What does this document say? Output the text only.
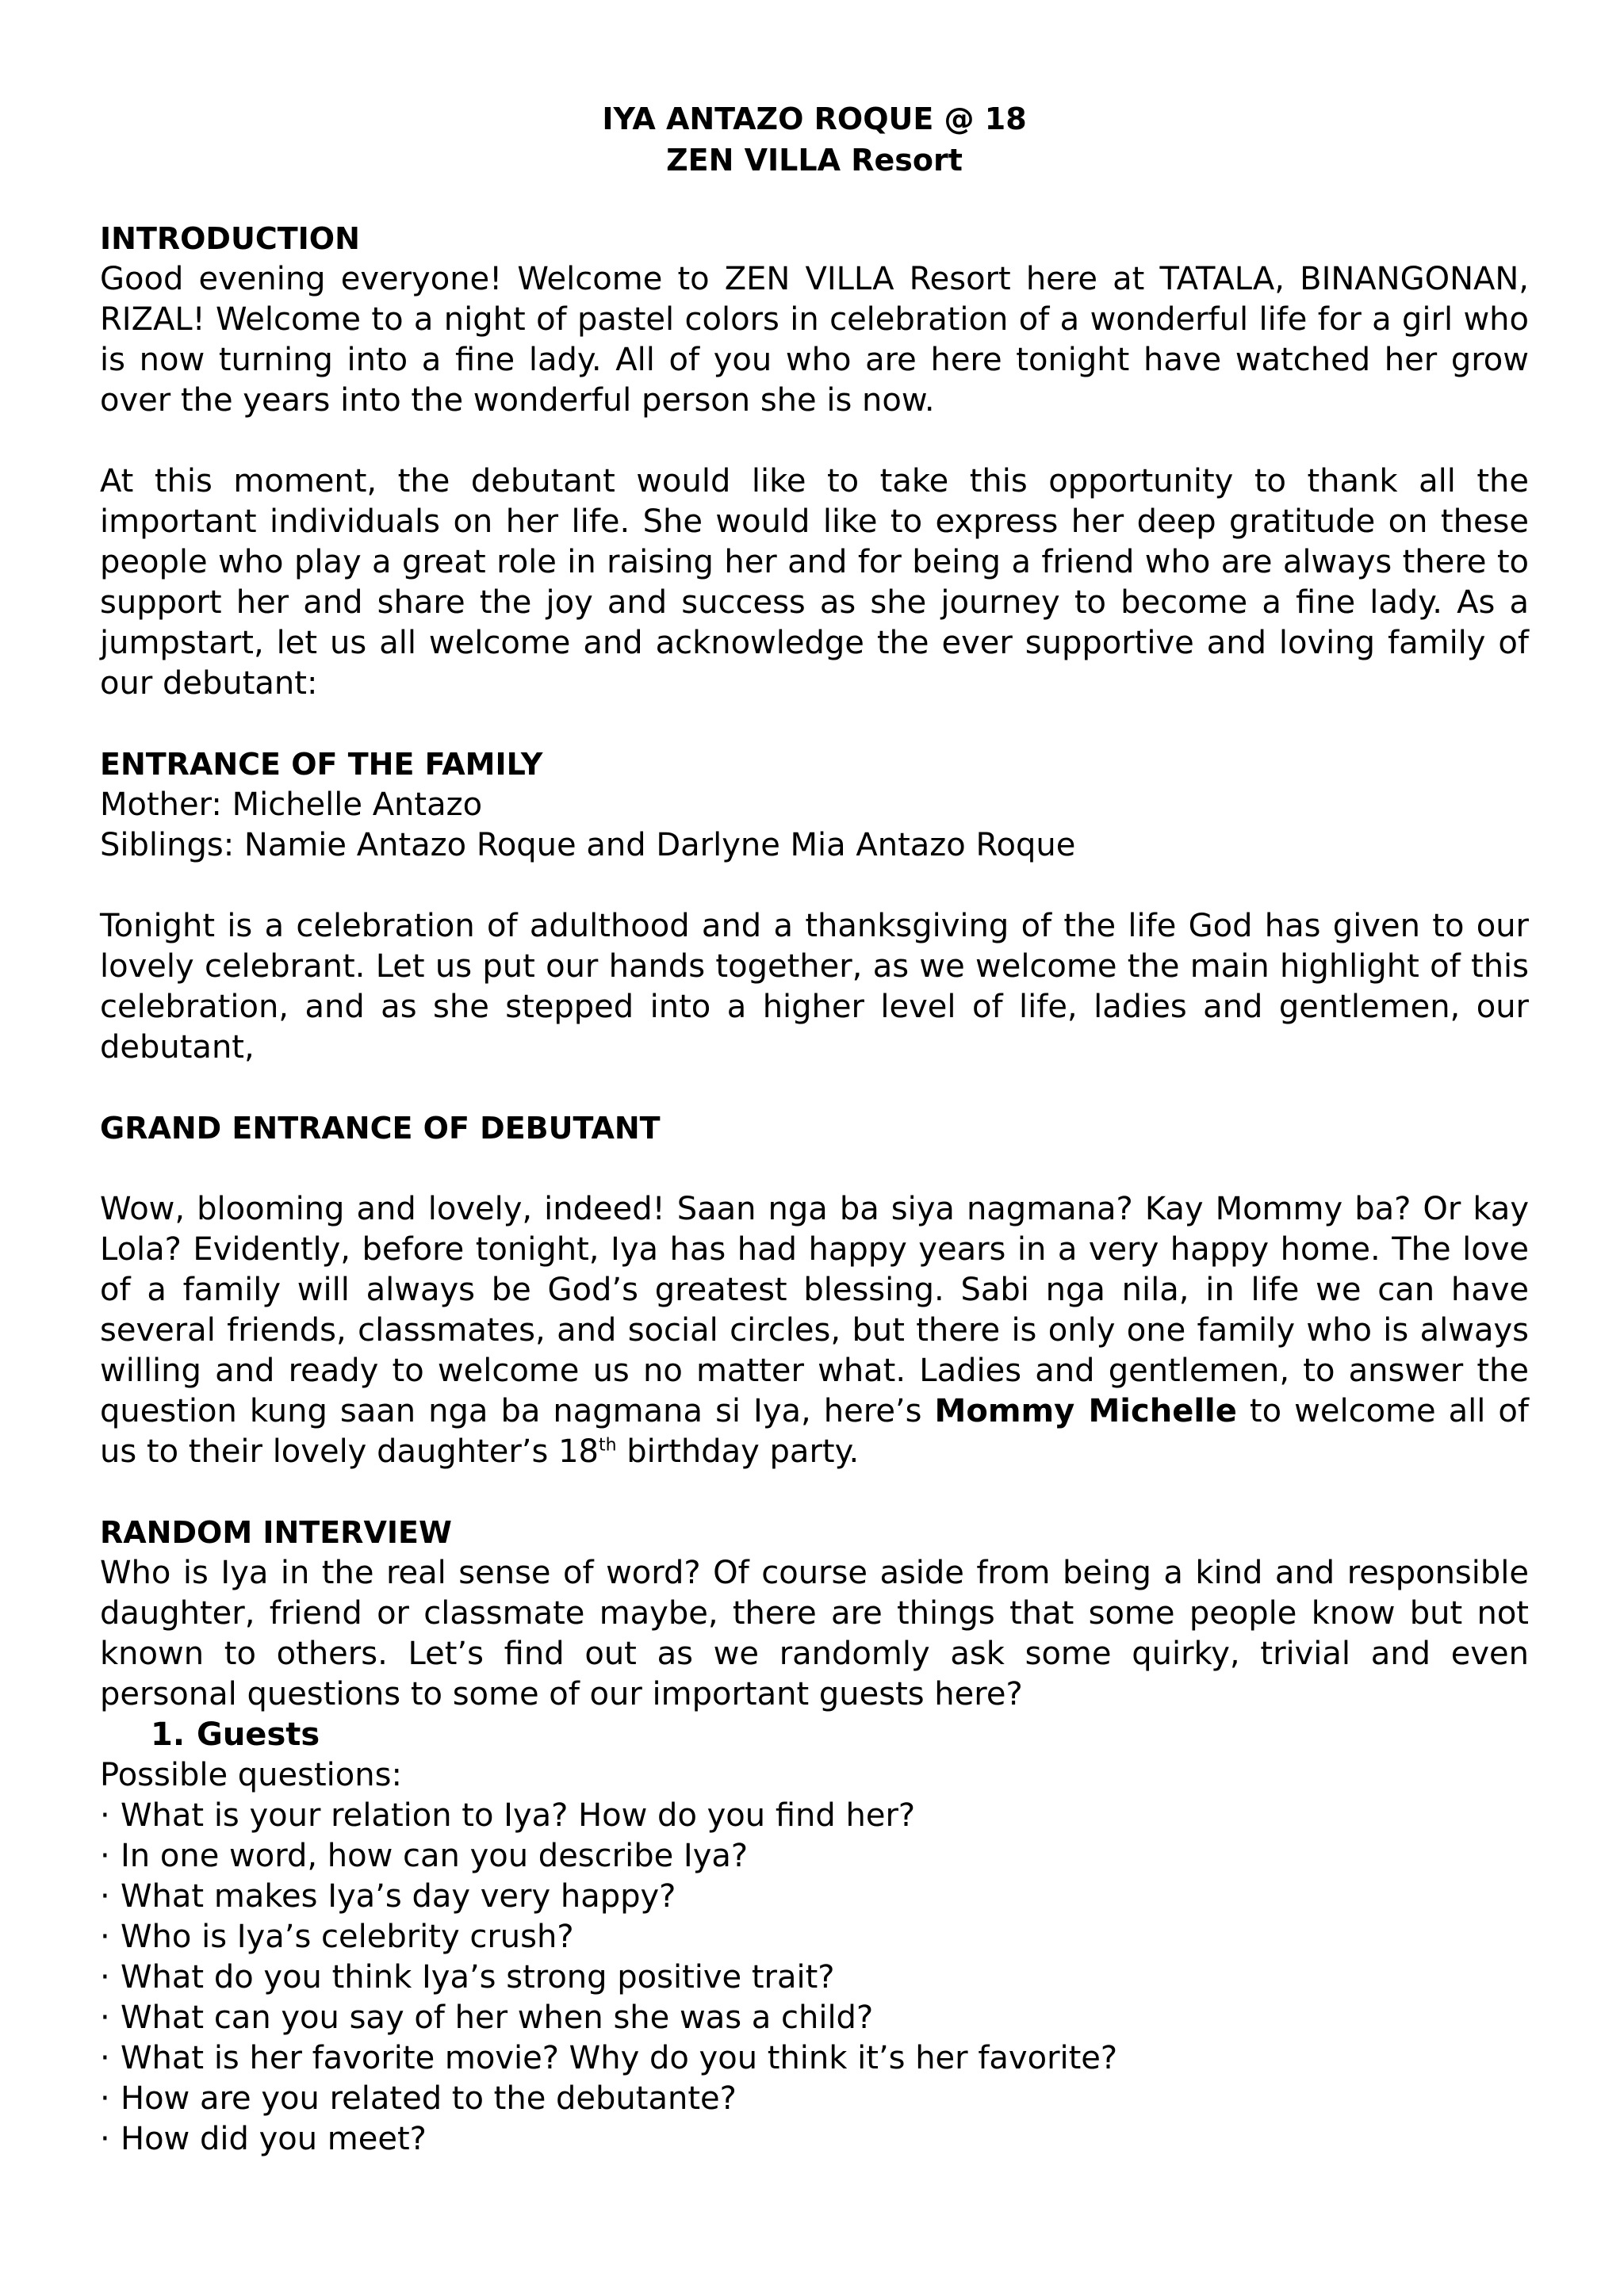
IYA ANTAZO ROQUE @ 18

ZEN VILLA Resort

INTRODUCTION

Good evening everyone! Welcome to ZEN VILLA Resort here at TATALA, BINANGONAN, RIZAL! Welcome to a night of pastel colors in celebration of a wonderful life for a girl who is now turning into a fine lady. All of you who are here tonight have watched her grow over the years into the wonderful person she is now.

At this moment, the debutant would like to take this opportunity to thank all the important individuals on her life. She would like to express her deep gratitude on these people who play a great role in raising her and for being a friend who are always there to support her and share the joy and success as she journey to become a fine lady. As a jumpstart, let us all welcome and acknowledge the ever supportive and loving family of our debutant:

ENTRANCE OF THE FAMILY

Mother: Michelle Antazo

Siblings: Namie Antazo Roque and Darlyne Mia Antazo Roque

Tonight is a celebration of adulthood and a thanksgiving of the life God has given to our lovely celebrant. Let us put our hands together, as we welcome the main highlight of this celebration, and as she stepped into a higher level of life, ladies and gentlemen, our debutant,

GRAND ENTRANCE OF DEBUTANT

Wow, blooming and lovely, indeed! Saan nga ba siya nagmana? Kay Mommy ba? Or kay Lola? Evidently, before tonight, Iya has had happy years in a very happy home. The love of a family will always be God’s greatest blessing. Sabi nga nila, in life we can have several friends, classmates, and social circles, but there is only one family who is always willing and ready to welcome us no matter what. Ladies and gentlemen, to answer the question kung saan nga ba nagmana si Iya, here’s Mommy Michelle to welcome all of us to their lovely daughter’s 18th birthday party.

RANDOM INTERVIEW

Who is Iya in the real sense of word? Of course aside from being a kind and responsible daughter, friend or classmate maybe, there are things that some people know but not known to others. Let’s find out as we randomly ask some quirky, trivial and even personal questions to some of our important guests here?

1. Guests

Possible questions:

· What is your relation to Iya? How do you find her?
· In one word, how can you describe Iya?
· What makes Iya’s day very happy?
· Who is Iya’s celebrity crush?
· What do you think Iya’s strong positive trait?
· What can you say of her when she was a child?
· What is her favorite movie? Why do you think it’s her favorite?
· How are you related to the debutante?
· How did you meet?
